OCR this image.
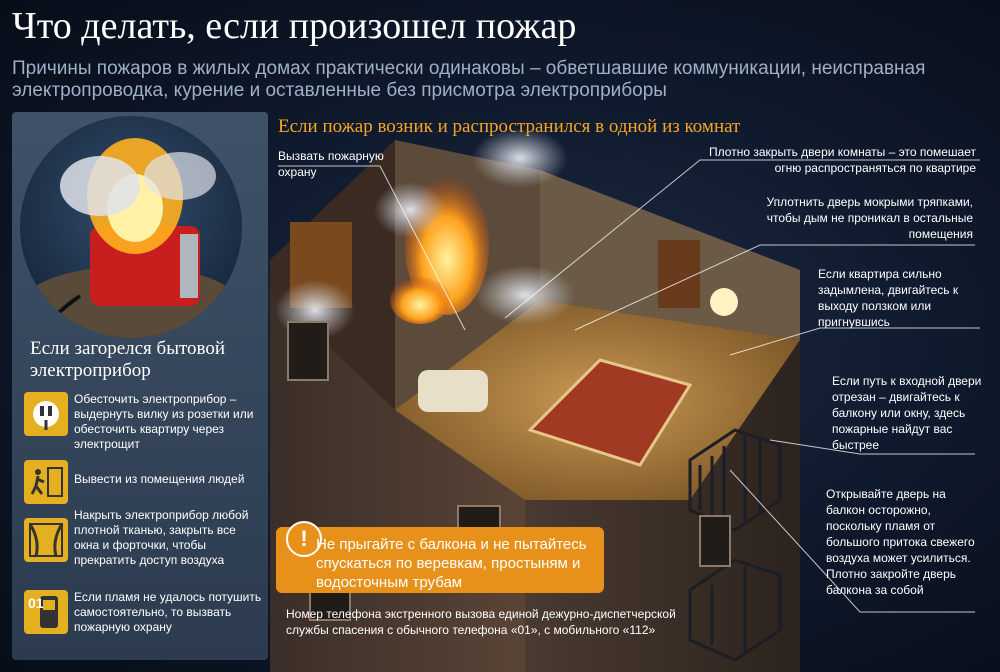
Что делать, если произошел пожар
Причины пожаров в жилых домах практически одинаковы – обветшавшие коммуникации, неисправная электропроводка, курение и оставленные без присмотра электроприборы
Если загорелся бытовой электроприбор
Обесточить электроприбор – выдернуть вилку из розетки или обесточить квартиру через электрощит
Вывести из помещения людей
Накрыть электроприбор любой плотной тканью, закрыть все окна и форточки, чтобы прекратить доступ воздуха
01	Если пламя не удалось потушить самостоятельно, то вызвать пожарную охрану
Если пожар возник и распространился в одной из комнат
Вызвать пожарную охрану
Плотно закрыть двери комнаты – это помешает огню распространяться по квартире
Уплотнить дверь мокрыми тряпками, чтобы дым не проникал в остальные помещения
Если квартира сильно задымлена, двигайтесь к выходу ползком или пригнувшись
Если путь к входной двери отрезан – двигайтесь к балкону или окну, здесь пожарные найдут вас быстрее
Открывайте дверь на балкон осторожно, поскольку пламя от большого притока свежего воздуха может усилиться. Плотно закройте дверь балкона за собой
! Не прыгайте с балкона и не пытайтесь спускаться по веревкам, простыням и водосточным трубам
Номер телефона экстренного вызова единой дежурно-диспетчерской службы спасения с обычного телефона «01», с мобильного «112»
